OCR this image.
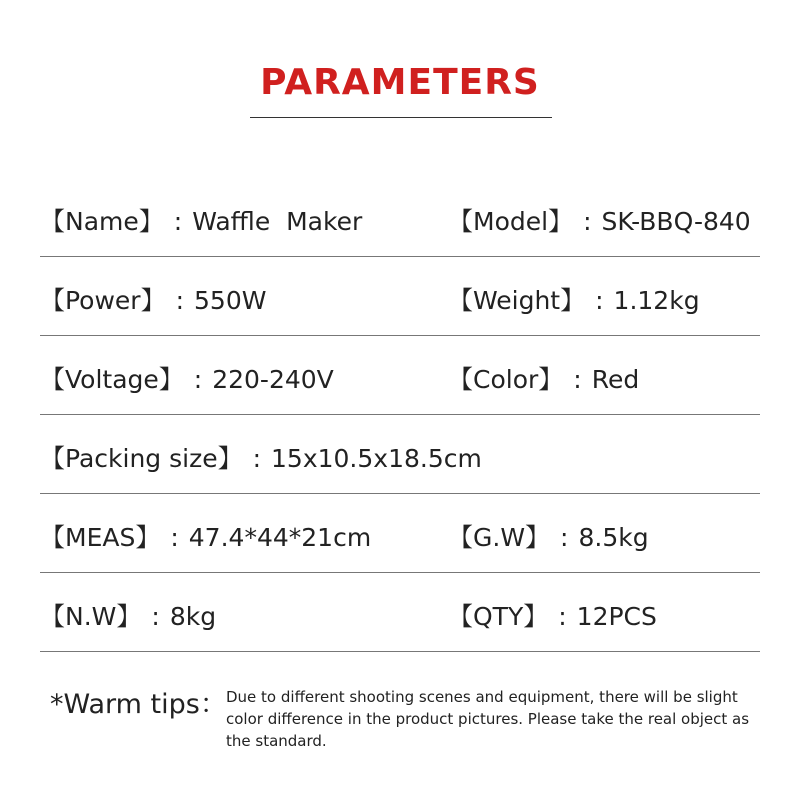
PARAMETERS
【Name】 : Waffle  Maker	【Model】 : SK-BBQ-840
【Power】 : 550W	【Weight】 : 1.12kg
【Voltage】 : 220-240V	【Color】 : Red
【Packing size】 : 15x10.5x18.5cm
【MEAS】 : 47.4*44*21cm	【G.W】 : 8.5kg
【N.W】 : 8kg	【QTY】 : 12PCS
*Warm tips： Due to different shooting scenes and equipment, there will be slight color difference in the product pictures. Please take the real object as the standard.
